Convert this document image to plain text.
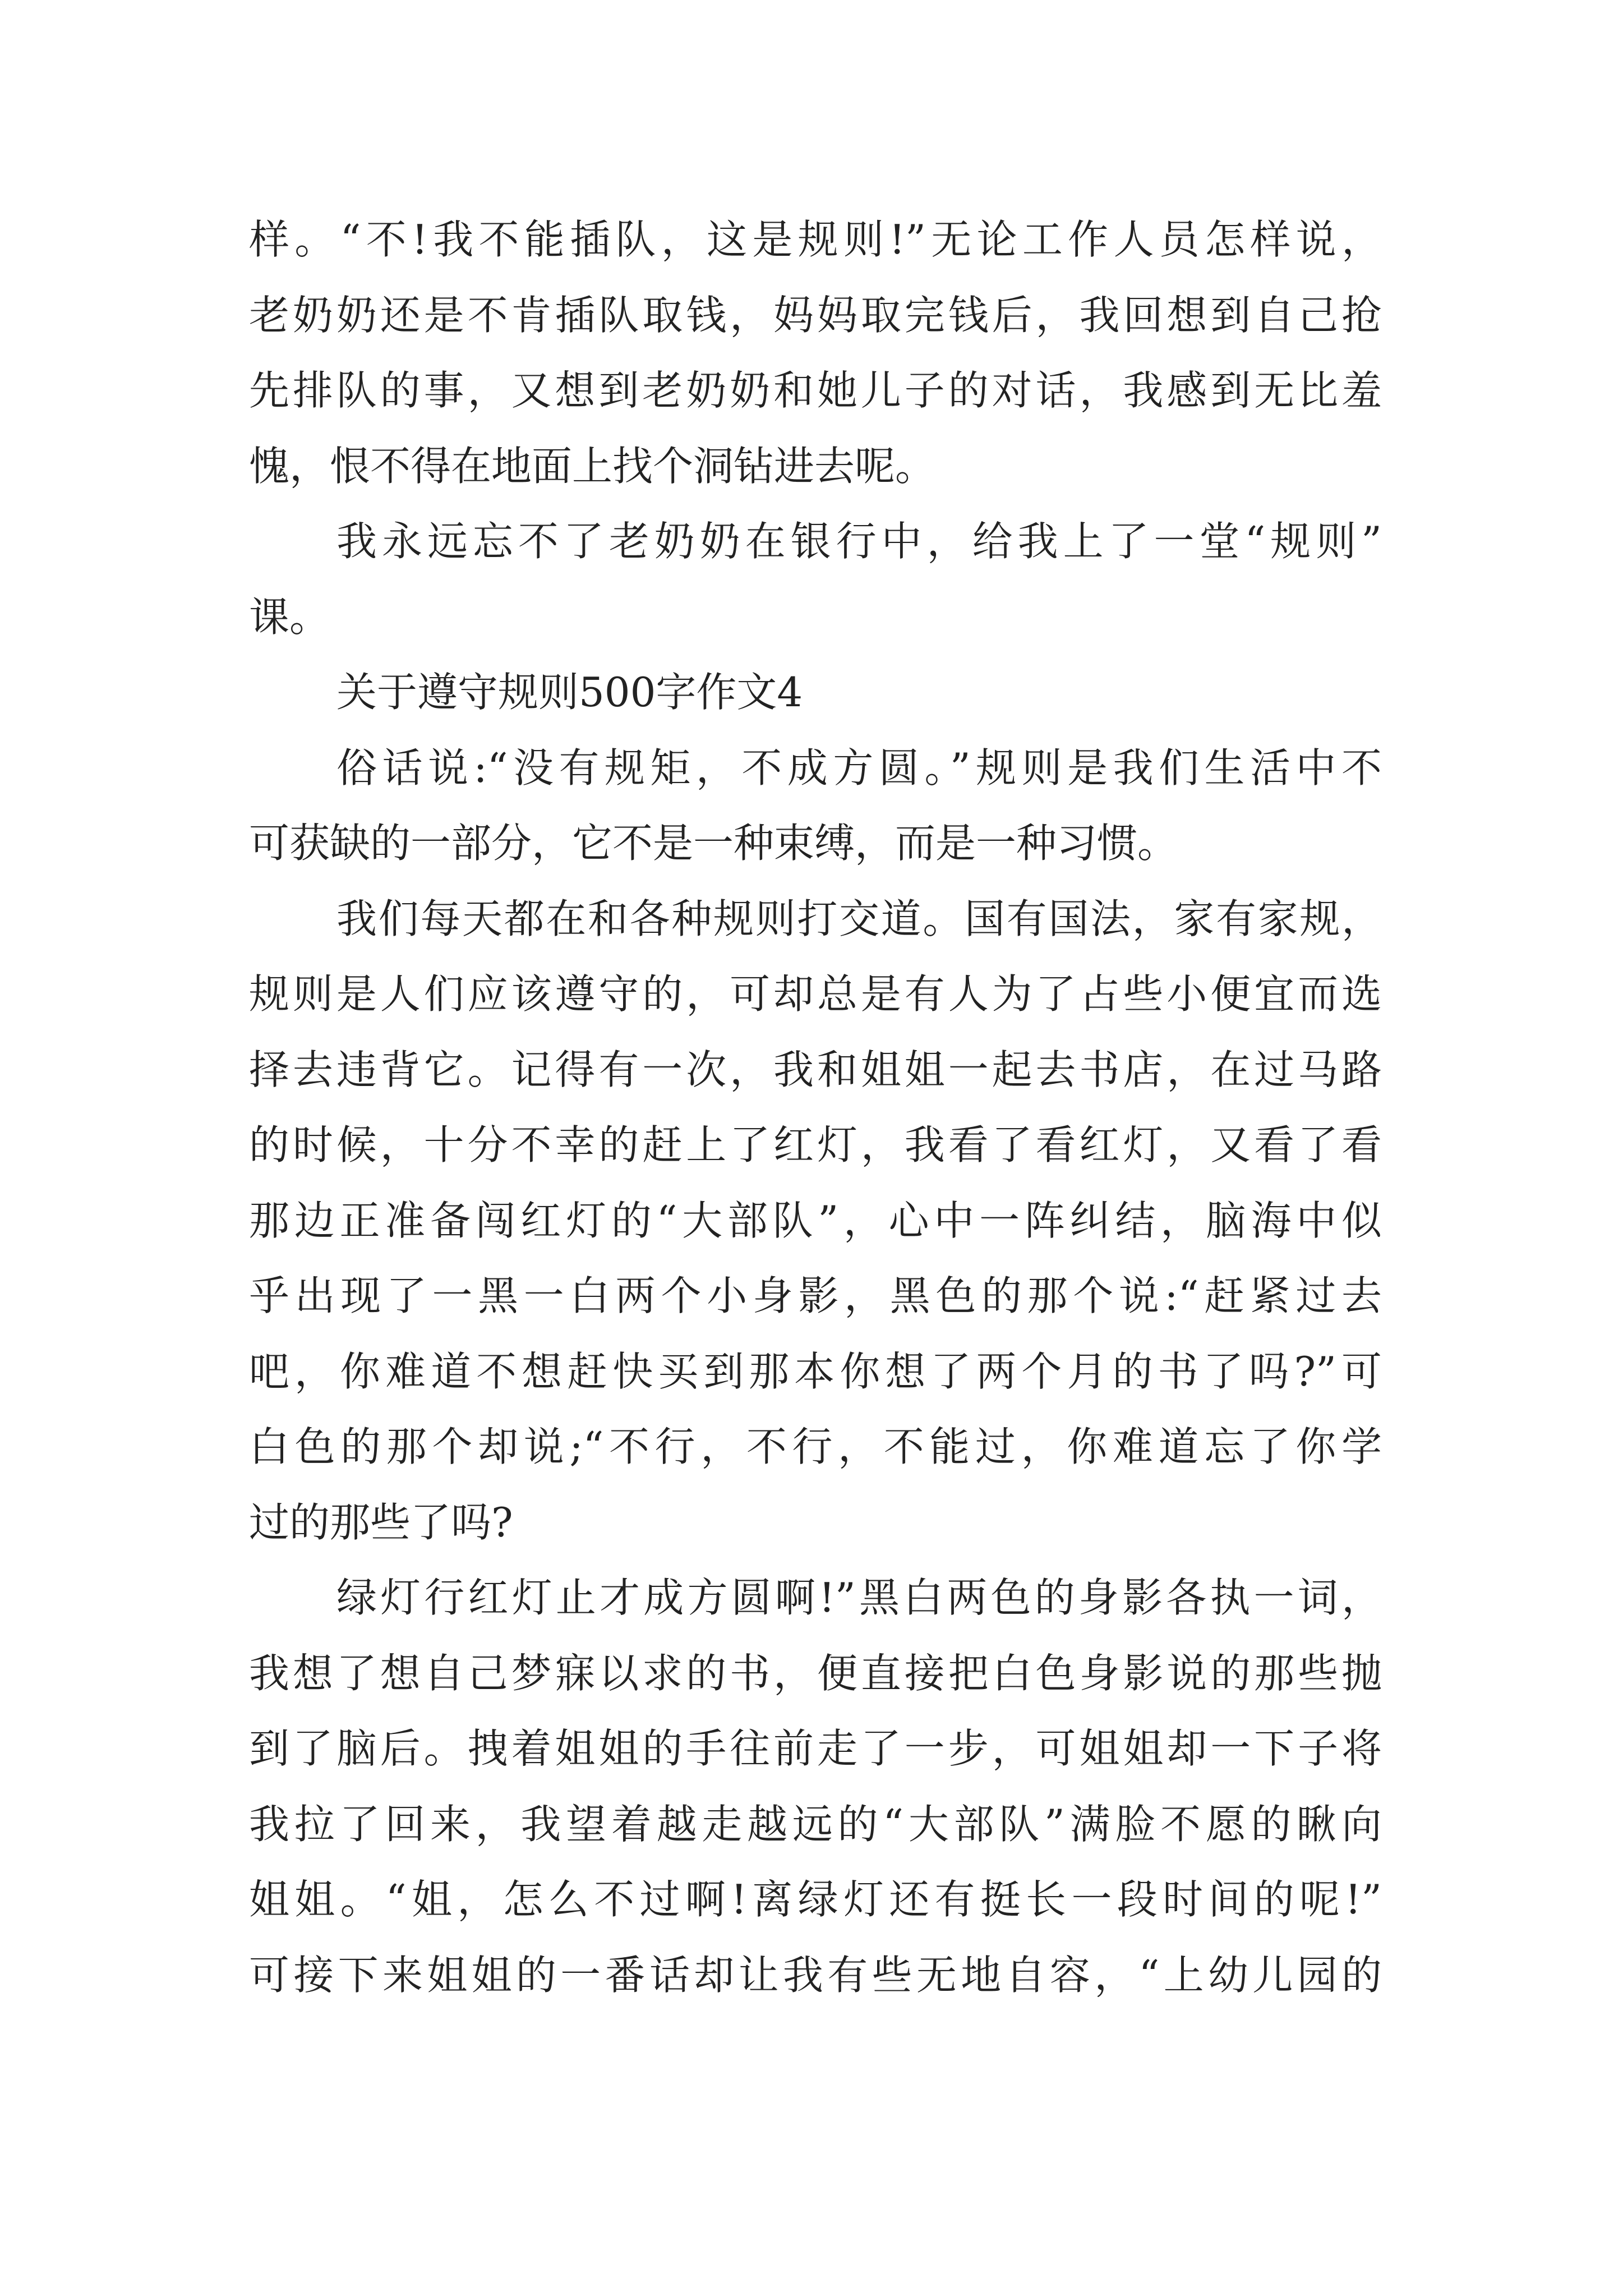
样。“不!我不能插队，这是规则!”无论工作人员怎样说，
老奶奶还是不肯插队取钱，妈妈取完钱后，我回想到自己抢
先排队的事，又想到老奶奶和她儿子的对话，我感到无比羞
愧，恨不得在地面上找个洞钻进去呢。
我永远忘不了老奶奶在银行中，给我上了一堂“规则”
课。
关于遵守规则500字作文4
俗话说:“没有规矩，不成方圆。”规则是我们生活中不
可获缺的一部分，它不是一种束缚，而是一种习惯。
我们每天都在和各种规则打交道。国有国法，家有家规，
规则是人们应该遵守的，可却总是有人为了占些小便宜而选
择去违背它。记得有一次，我和姐姐一起去书店，在过马路
的时候，十分不幸的赶上了红灯，我看了看红灯，又看了看
那边正准备闯红灯的“大部队”，心中一阵纠结，脑海中似
乎出现了一黑一白两个小身影，黑色的那个说:“赶紧过去
吧，你难道不想赶快买到那本你想了两个月的书了吗?”可
白色的那个却说;“不行，不行，不能过，你难道忘了你学
过的那些了吗?
绿灯行红灯止才成方圆啊!”黑白两色的身影各执一词，
我想了想自己梦寐以求的书，便直接把白色身影说的那些抛
到了脑后。拽着姐姐的手往前走了一步，可姐姐却一下子将
我拉了回来，我望着越走越远的“大部队”满脸不愿的瞅向
姐姐。“姐，怎么不过啊!离绿灯还有挺长一段时间的呢!”
可接下来姐姐的一番话却让我有些无地自容，“上幼儿园的
